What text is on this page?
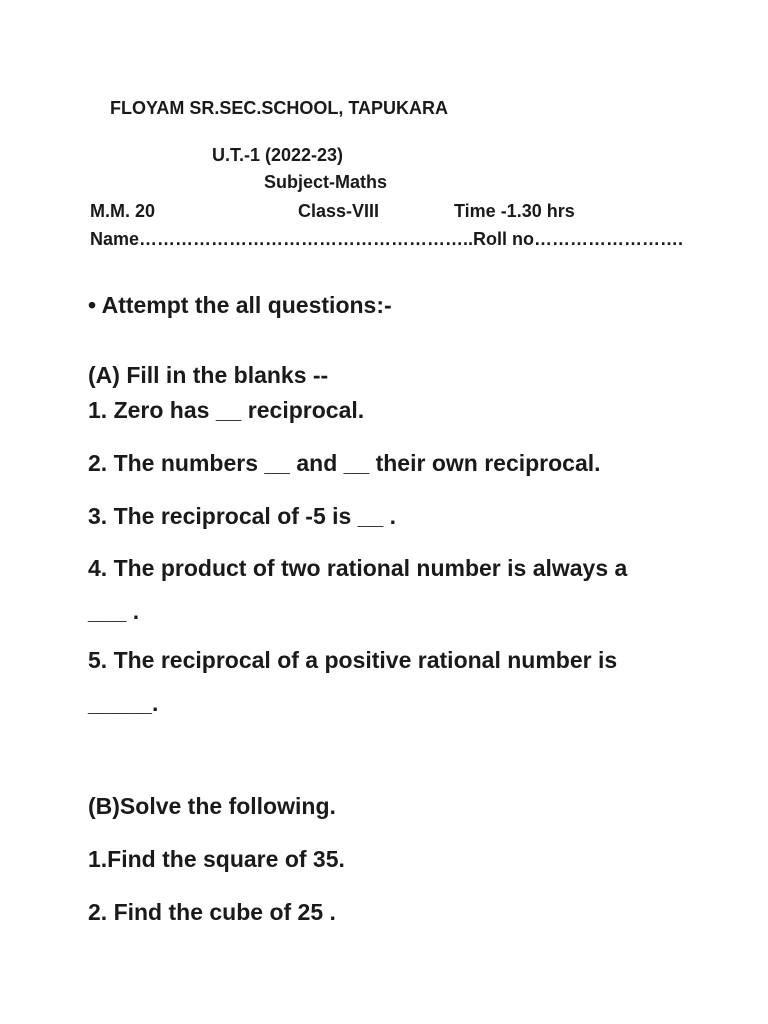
FLOYAM SR.SEC.SCHOOL, TAPUKARA
U.T.-1 (2022-23)
Subject-Maths
M.M. 20	Class-VIII	Time -1.30 hrs
Name………………………………………………..Roll no…………………….
• Attempt the all questions:-
(A) Fill in the blanks --
1. Zero has __ reciprocal.
2. The numbers __ and __ their own reciprocal.
3. The reciprocal of -5 is __ .
4. The product of two rational number is always a
___ .
5. The reciprocal of a positive rational number is
_____.
(B)Solve the following.
1.Find the square of 35.
2. Find the cube of 25 .
